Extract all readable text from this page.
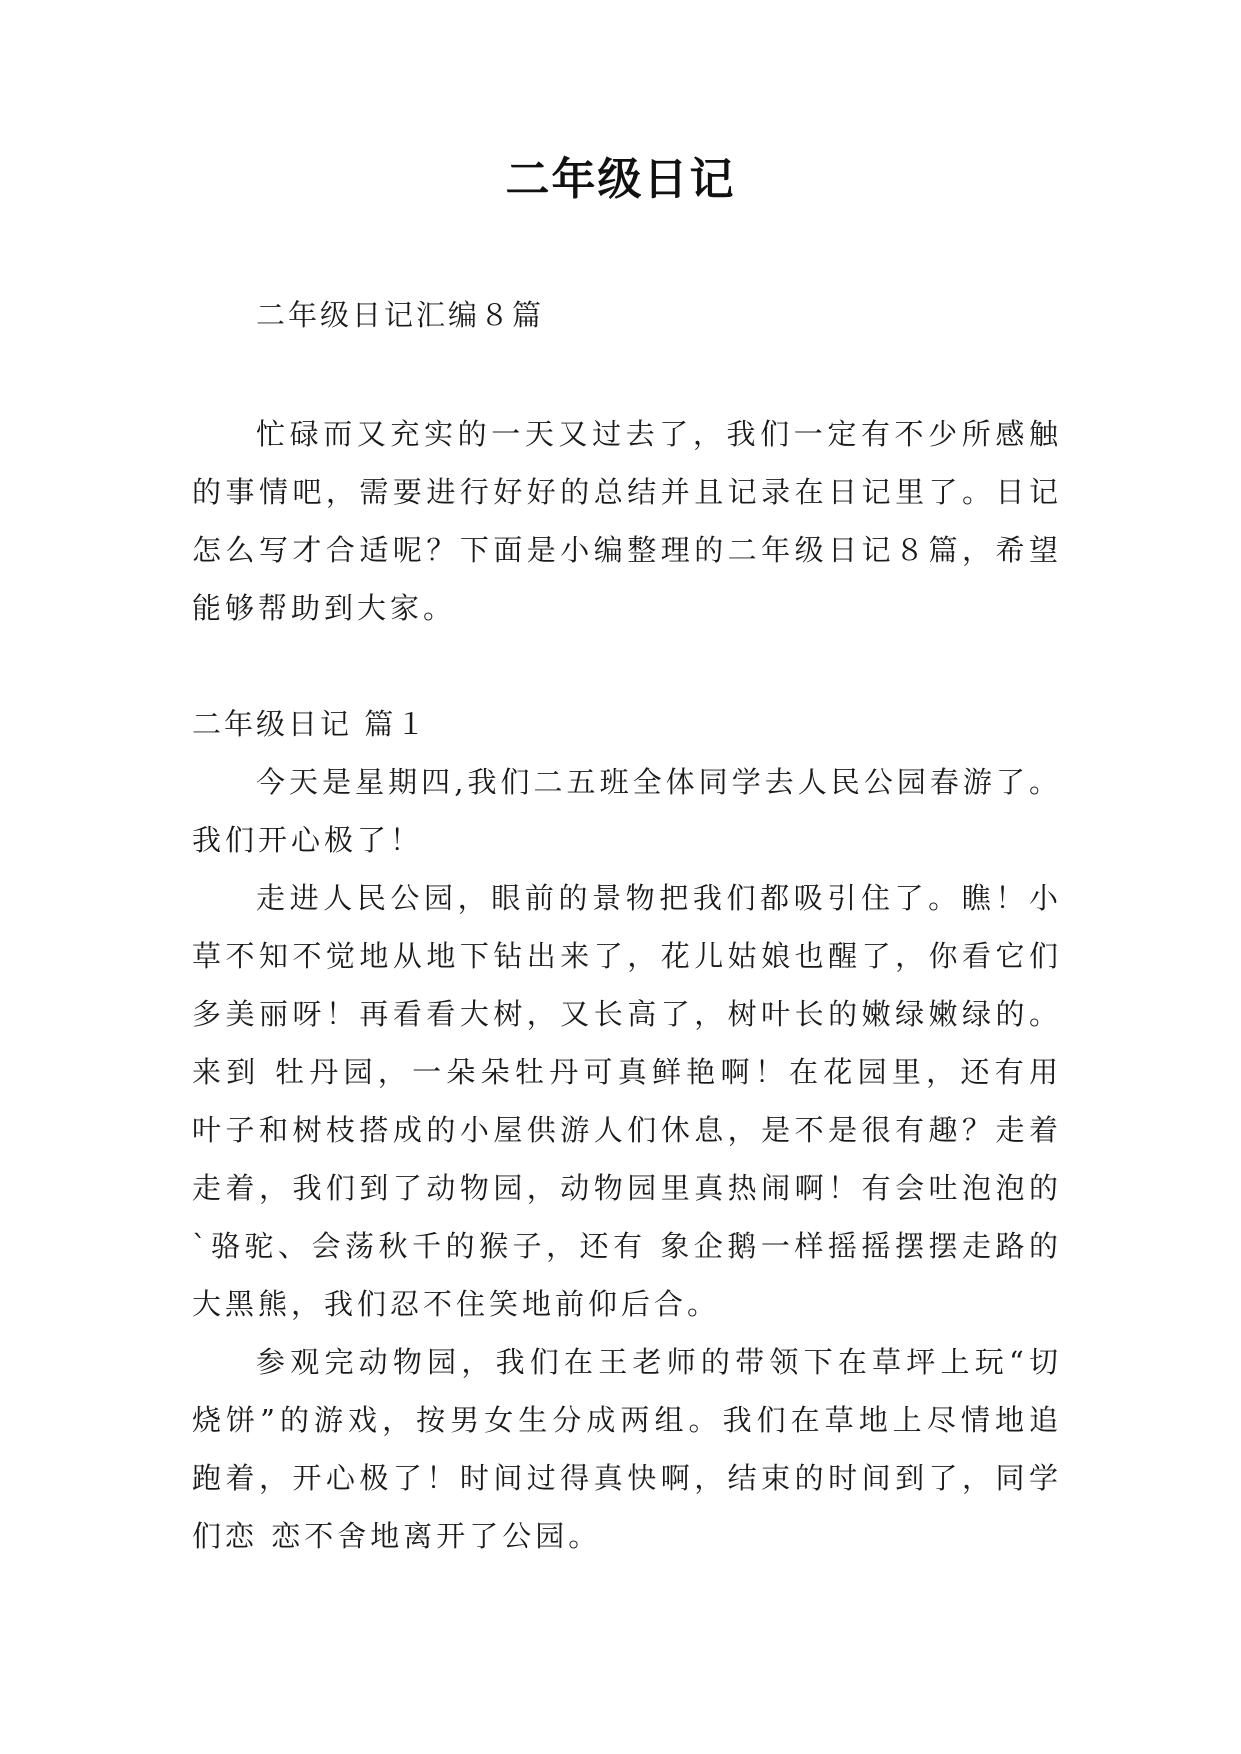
二年级日记
二年级日记汇编８篇

忙碌而又充实的一天又过去了，我们一定有不少所感触的事情吧，需要进行好好的总结并且记录在日记里了。日记怎么写才合适呢？下面是小编整理的二年级日记８篇，希望能够帮助到大家。

二年级日记 篇１

今天是星期四,我们二五班全体同学去人民公园春游了。我们开心极了！

走进人民公园，眼前的景物把我们都吸引住了。瞧！小草不知不觉地从地下钻出来了，花儿姑娘也醒了，你看它们多美丽呀！再看看大树，又长高了，树叶长的嫩绿嫩绿的。来到 牡丹园，一朵朵牡丹可真鲜艳啊！在花园里，还有用叶子和树枝搭成的小屋供游人们休息，是不是很有趣？走着走着，我们到了动物园，动物园里真热闹啊！有会吐泡泡的`骆驼、会荡秋千的猴子，还有 象企鹅一样摇摇摆摆走路的大黑熊，我们忍不住笑地前仰后合。

参观完动物园，我们在王老师的带领下在草坪上玩“切烧饼”的游戏，按男女生分成两组。我们在草地上尽情地追跑着，开心极了！时间过得真快啊，结束的时间到了，同学们恋 恋不舍地离开了公园。
